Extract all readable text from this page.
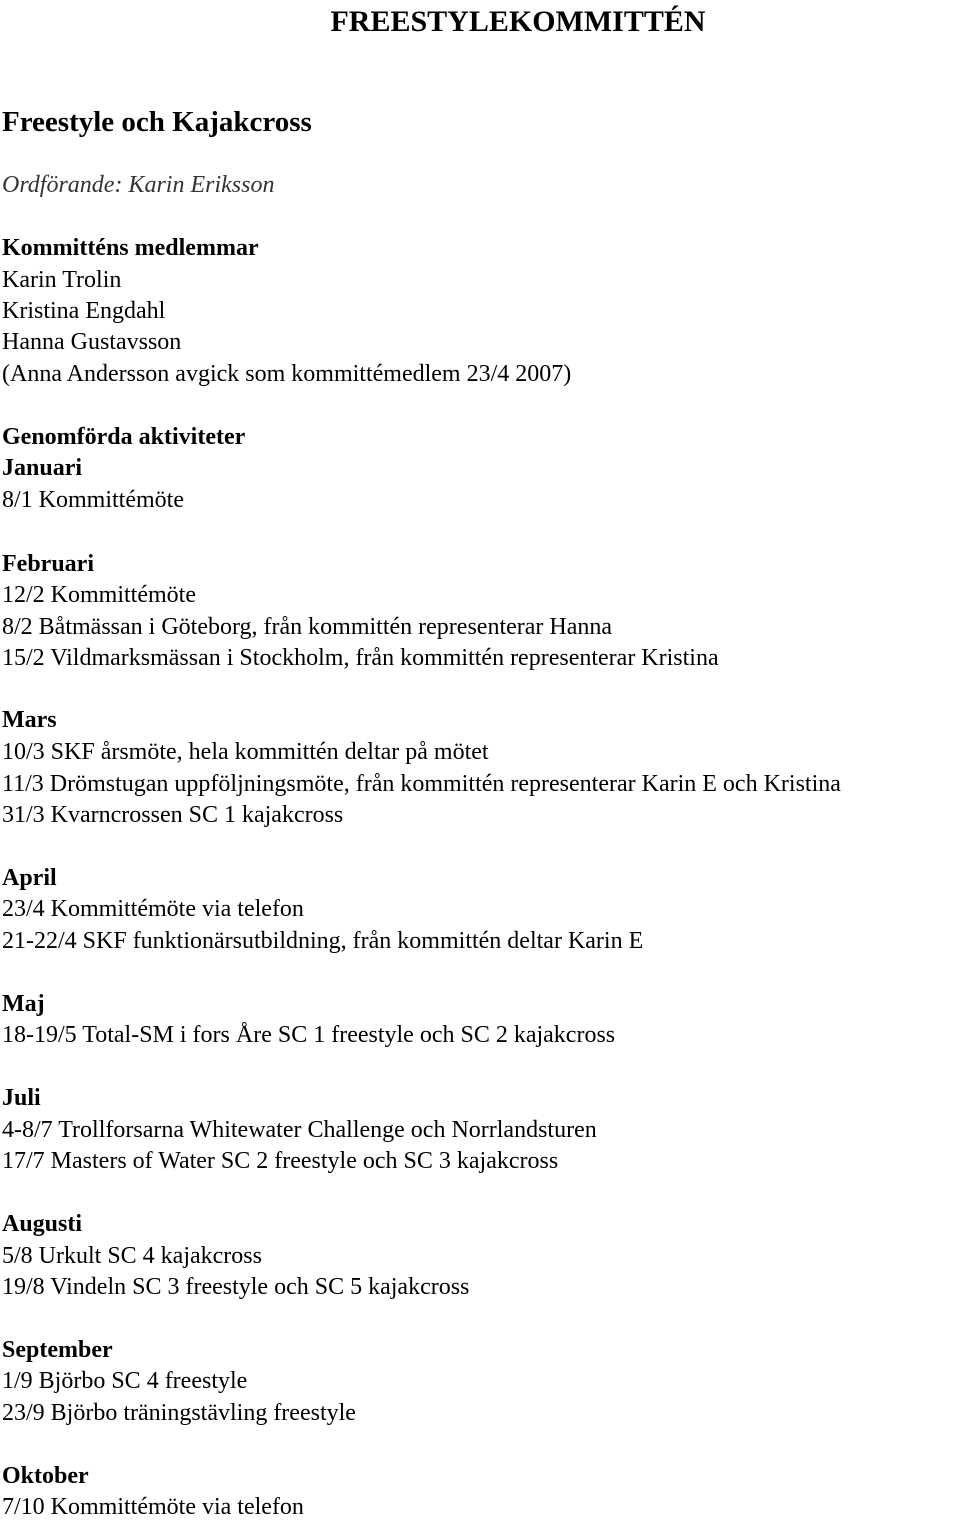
FREESTYLEKOMMITTÉN
Freestyle och Kajakcross
Ordförande: Karin Eriksson
Kommitténs medlemmar
Karin Trolin
Kristina Engdahl
Hanna Gustavsson
(Anna Andersson avgick som kommittémedlem 23/4 2007)
Genomförda aktiviteter
Januari
8/1 Kommittémöte
Februari
12/2 Kommittémöte
8/2 Båtmässan i Göteborg, från kommittén representerar Hanna
15/2 Vildmarksmässan i Stockholm, från kommittén representerar Kristina
Mars
10/3 SKF årsmöte, hela kommittén deltar på mötet
11/3 Drömstugan uppföljningsmöte, från kommittén representerar Karin E och Kristina
31/3 Kvarncrossen SC 1 kajakcross
April
23/4 Kommittémöte via telefon
21-22/4 SKF funktionärsutbildning, från kommittén deltar Karin E
Maj
18-19/5 Total-SM i fors Åre SC 1 freestyle och SC 2 kajakcross
Juli
4-8/7 Trollforsarna Whitewater Challenge och Norrlandsturen
17/7 Masters of Water SC 2 freestyle och SC 3 kajakcross
Augusti
5/8 Urkult SC 4 kajakcross
19/8 Vindeln SC 3 freestyle och SC 5 kajakcross
September
1/9 Björbo SC 4 freestyle
23/9 Björbo träningstävling freestyle
Oktober
7/10 Kommittémöte via telefon
